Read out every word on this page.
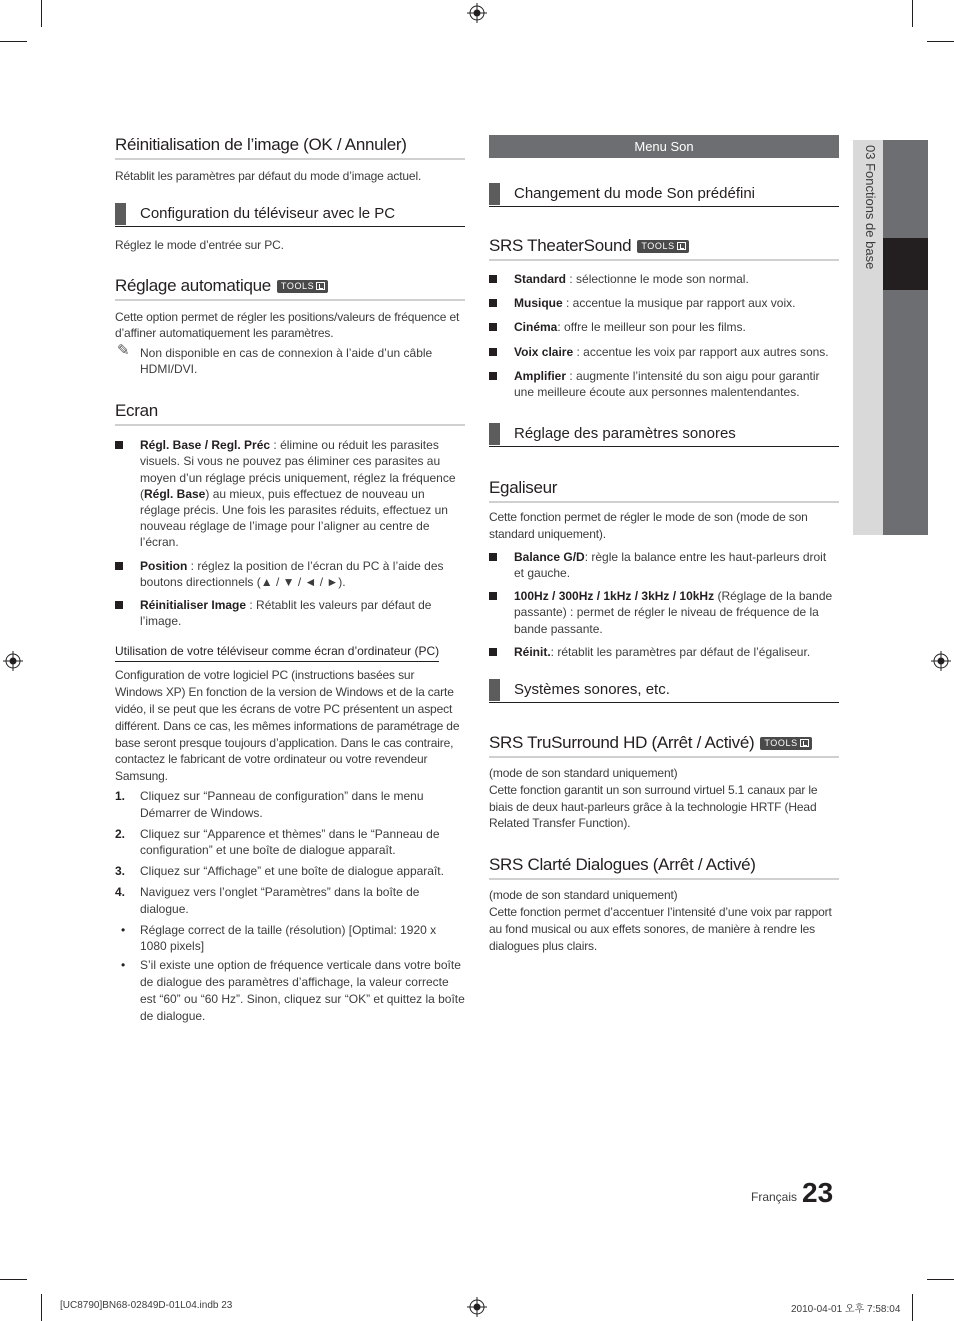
Réinitialisation de l’image (OK / Annuler)
Rétablit les paramètres par défaut du mode d’image actuel.
Configuration du téléviseur avec le PC
Réglez le mode d’entrée sur PC.
Réglage automatique TOOLS
Cette option permet de régler les positions/valeurs de fréquence et d’affiner automatiquement les paramètres.
✎ Non disponible en cas de connexion à l’aide d’un câble HDMI/DVI.
Ecran
Régl. Base / Regl. Préc : élimine ou réduit les parasites visuels. Si vous ne pouvez pas éliminer ces parasites au moyen d’un réglage précis uniquement, réglez la fréquence (Régl. Base) au mieux, puis effectuez de nouveau un réglage précis. Une fois les parasites réduits, effectuez un nouveau réglage de l’image pour l’aligner au centre de l’écran.
Position : réglez la position de l’écran du PC à l’aide des boutons directionnels (▲ / ▼ / ◄ / ►).
Réinitialiser Image : Rétablit les valeurs par défaut de l’image.
Utilisation de votre téléviseur comme écran d’ordinateur (PC)
Configuration de votre logiciel PC (instructions basées sur Windows XP) En fonction de la version de Windows et de la carte vidéo, il se peut que les écrans de votre PC présentent un aspect différent. Dans ce cas, les mêmes informations de paramétrage de base seront presque toujours d’application. Dans le cas contraire, contactez le fabricant de votre ordinateur ou votre revendeur Samsung.
1. Cliquez sur “Panneau de configuration” dans le menu Démarrer de Windows.
2. Cliquez sur “Apparence et thèmes” dans le “Panneau de configuration” et une boîte de dialogue apparaît.
3. Cliquez sur “Affichage” et une boîte de dialogue apparaît.
4. Naviguez vers l’onglet “Paramètres” dans la boîte de dialogue.
• Réglage correct de la taille (résolution) [Optimal: 1920 x 1080 pixels]
• S’il existe une option de fréquence verticale dans votre boîte de dialogue des paramètres d’affichage, la valeur correcte est “60” ou “60 Hz”. Sinon, cliquez sur “OK” et quittez la boîte de dialogue.
Menu Son
Changement du mode Son prédéfini
SRS TheaterSound TOOLS
Standard : sélectionne le mode son normal.
Musique : accentue la musique par rapport aux voix.
Cinéma: offre le meilleur son pour les films.
Voix claire : accentue les voix par rapport aux autres sons.
Amplifier : augmente l’intensité du son aigu pour garantir une meilleure écoute aux personnes malentendantes.
Réglage des paramètres sonores
Egaliseur
Cette fonction permet de régler le mode de son (mode de son standard uniquement).
Balance G/D: règle la balance entre les haut-parleurs droit et gauche.
100Hz / 300Hz / 1kHz / 3kHz / 10kHz (Réglage de la bande passante) : permet de régler le niveau de fréquence de la bande passante.
Réinit.: rétablit les paramètres par défaut de l’égaliseur.
Systèmes sonores, etc.
SRS TruSurround HD (Arrêt / Activé) TOOLS
(mode de son standard uniquement)
Cette fonction garantit un son surround virtuel 5.1 canaux par le biais de deux haut-parleurs grâce à la technologie HRTF (Head Related Transfer Function).
SRS Clarté Dialogues (Arrêt / Activé)
(mode de son standard uniquement)
Cette fonction permet d’accentuer l’intensité d’une voix par rapport au fond musical ou aux effets sonores, de manière à rendre les dialogues plus clairs.
03 Fonctions de base
Français 23
[UC8790]BN68-02849D-01L04.indb 23	2010-04-01 오후 7:58:04
